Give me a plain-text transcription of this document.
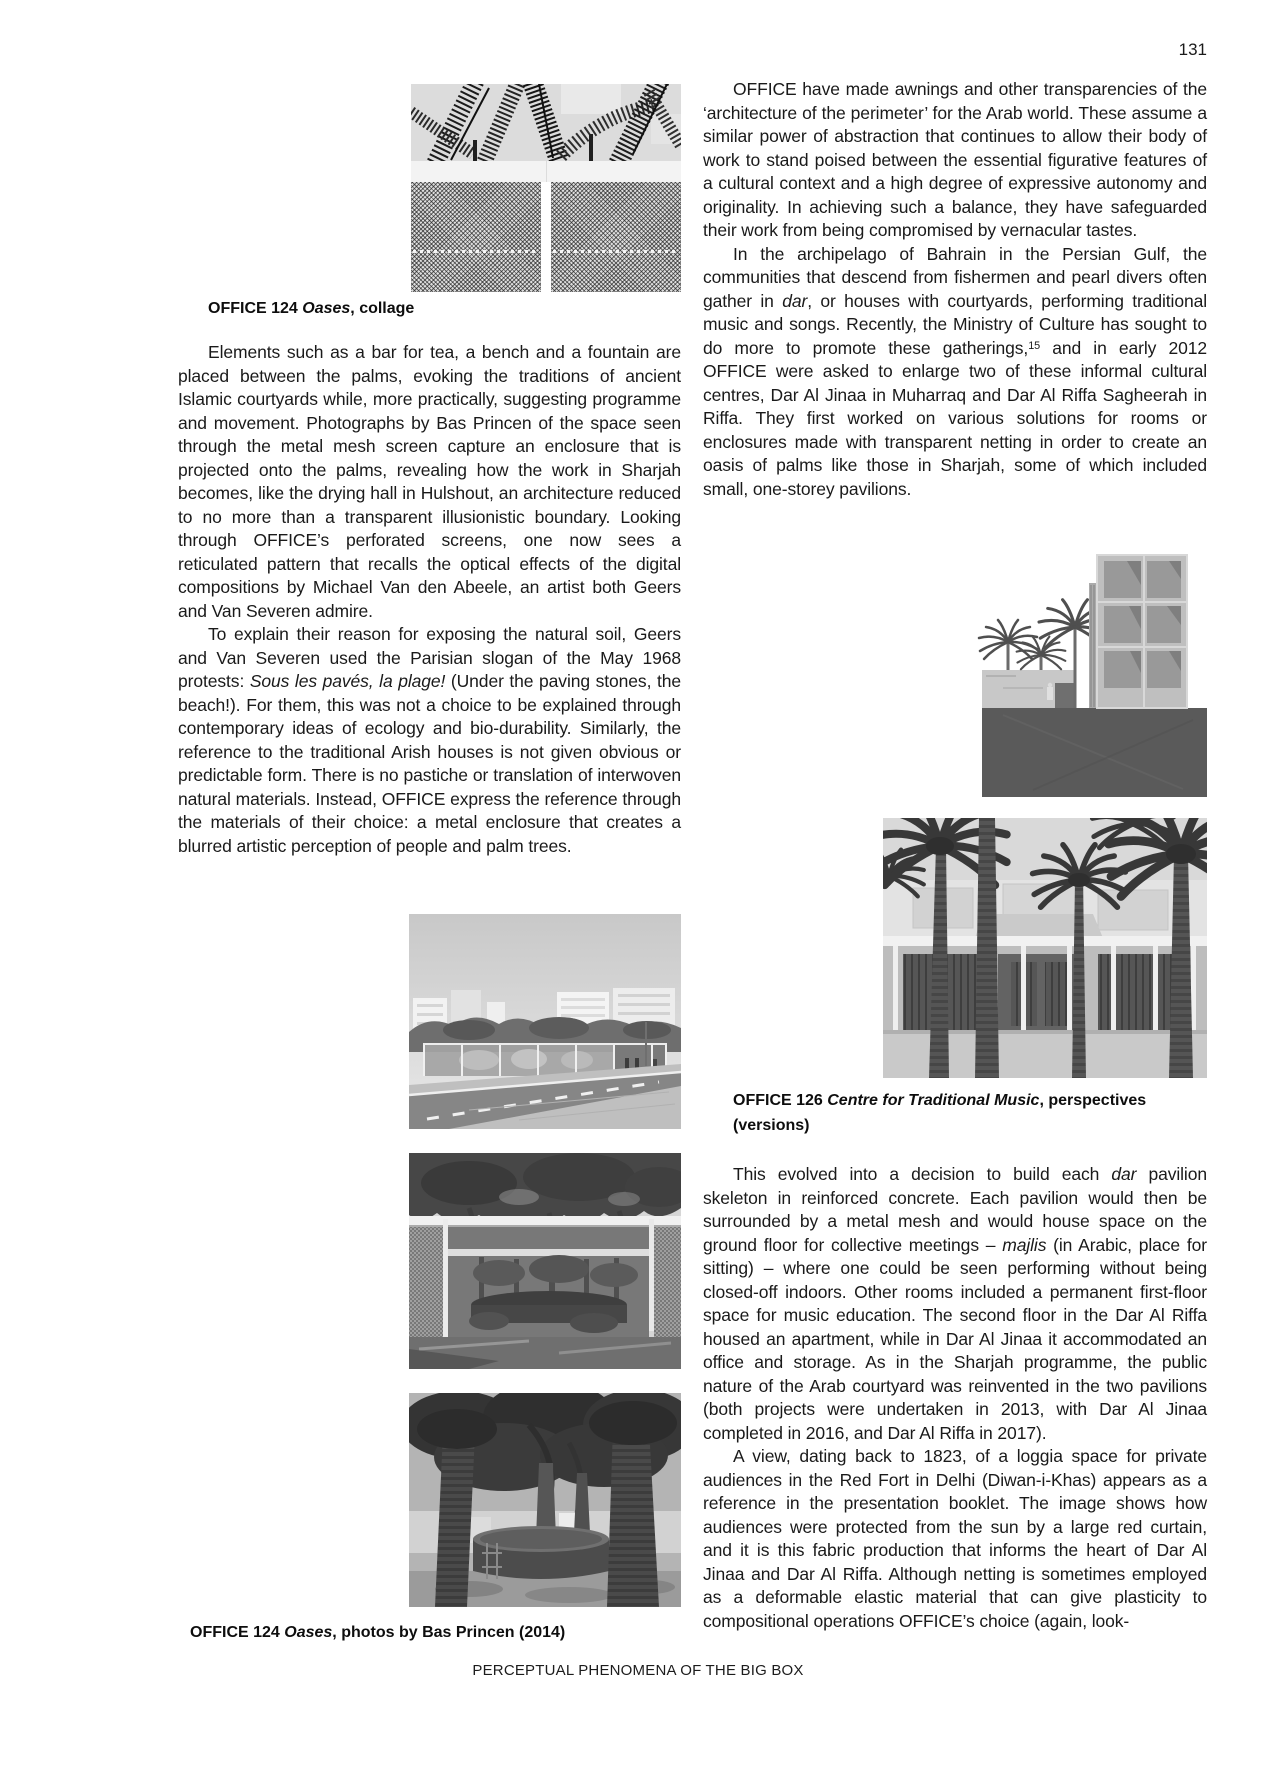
131
OFFICE 124 Oases, collage

Elements such as a bar for tea, a bench and a fountain are placed between the palms, evoking the traditions of ancient Islamic courtyards while, more practically, suggesting programme and movement. Photographs by Bas Princen of the space seen through the metal mesh screen capture an enclosure that is projected onto the palms, revealing how the work in Sharjah becomes, like the drying hall in Hulshout, an architecture reduced to no more than a transparent illusionistic boundary. Looking through OFFICE’s perforated screens, one now sees a reticulated pattern that recalls the optical effects of the digital compositions by Michael Van den Abeele, an artist both Geers and Van Severen admire.

To explain their reason for exposing the natural soil, Geers and Van Severen used the Parisian slogan of the May 1968 protests: Sous les pavés, la plage! (Under the paving stones, the beach!). For them, this was not a choice to be explained through contemporary ideas of ecology and bio-durability. Similarly, the reference to the traditional Arish houses is not given obvious or predictable form. There is no pastiche or translation of interwoven natural materials. Instead, OFFICE express the reference through the materials of their choice: a metal enclosure that creates a blurred artistic perception of people and palm trees.

OFFICE 124 Oases, photos by Bas Princen (2014)

OFFICE have made awnings and other transparencies of the ‘architecture of the perimeter’ for the Arab world. These assume a similar power of abstraction that continues to allow their body of work to stand poised between the essential figurative features of a cultural context and a high degree of expressive autonomy and originality. In achieving such a balance, they have safeguarded their work from being compromised by vernacular tastes.

In the archipelago of Bahrain in the Persian Gulf, the communities that descend from fishermen and pearl divers often gather in dar, or houses with courtyards, performing traditional music and songs. Recently, the Ministry of Culture has sought to do more to promote these gatherings,$^{15}$ and in early 2012 OFFICE were asked to enlarge two of these informal cultural centres, Dar Al Jinaa in Muharraq and Dar Al Riffa Sagheerah in Riffa. They first worked on various solutions for rooms or enclosures made with transparent netting in order to create an oasis of palms like those in Sharjah, some of which included small, one-storey pavilions.

OFFICE 126 Centre for Traditional Music, perspectives
(versions)

This evolved into a decision to build each dar pavilion skeleton in reinforced concrete. Each pavilion would then be surrounded by a metal mesh and would house space on the ground floor for collective meetings – majlis (in Arabic, place for sitting) – where one could be seen performing without being closed-off indoors. Other rooms included a permanent first-floor space for music education. The second floor in the Dar Al Riffa housed an apartment, while in Dar Al Jinaa it accommodated an office and storage. As in the Sharjah programme, the public nature of the Arab courtyard was reinvented in the two pavilions (both projects were undertaken in 2013, with Dar Al Jinaa completed in 2016, and Dar Al Riffa in 2017).

A view, dating back to 1823, of a loggia space for private audiences in the Red Fort in Delhi (Diwan-i-Khas) appears as a reference in the presentation booklet. The image shows how audiences were protected from the sun by a large red curtain, and it is this fabric production that informs the heart of Dar Al Jinaa and Dar Al Riffa. Although netting is sometimes employed as a deformable elastic material that can give plasticity to compositional operations OFFICE’s choice (again, look-

PERCEPTUAL PHENOMENA OF THE BIG BOX
